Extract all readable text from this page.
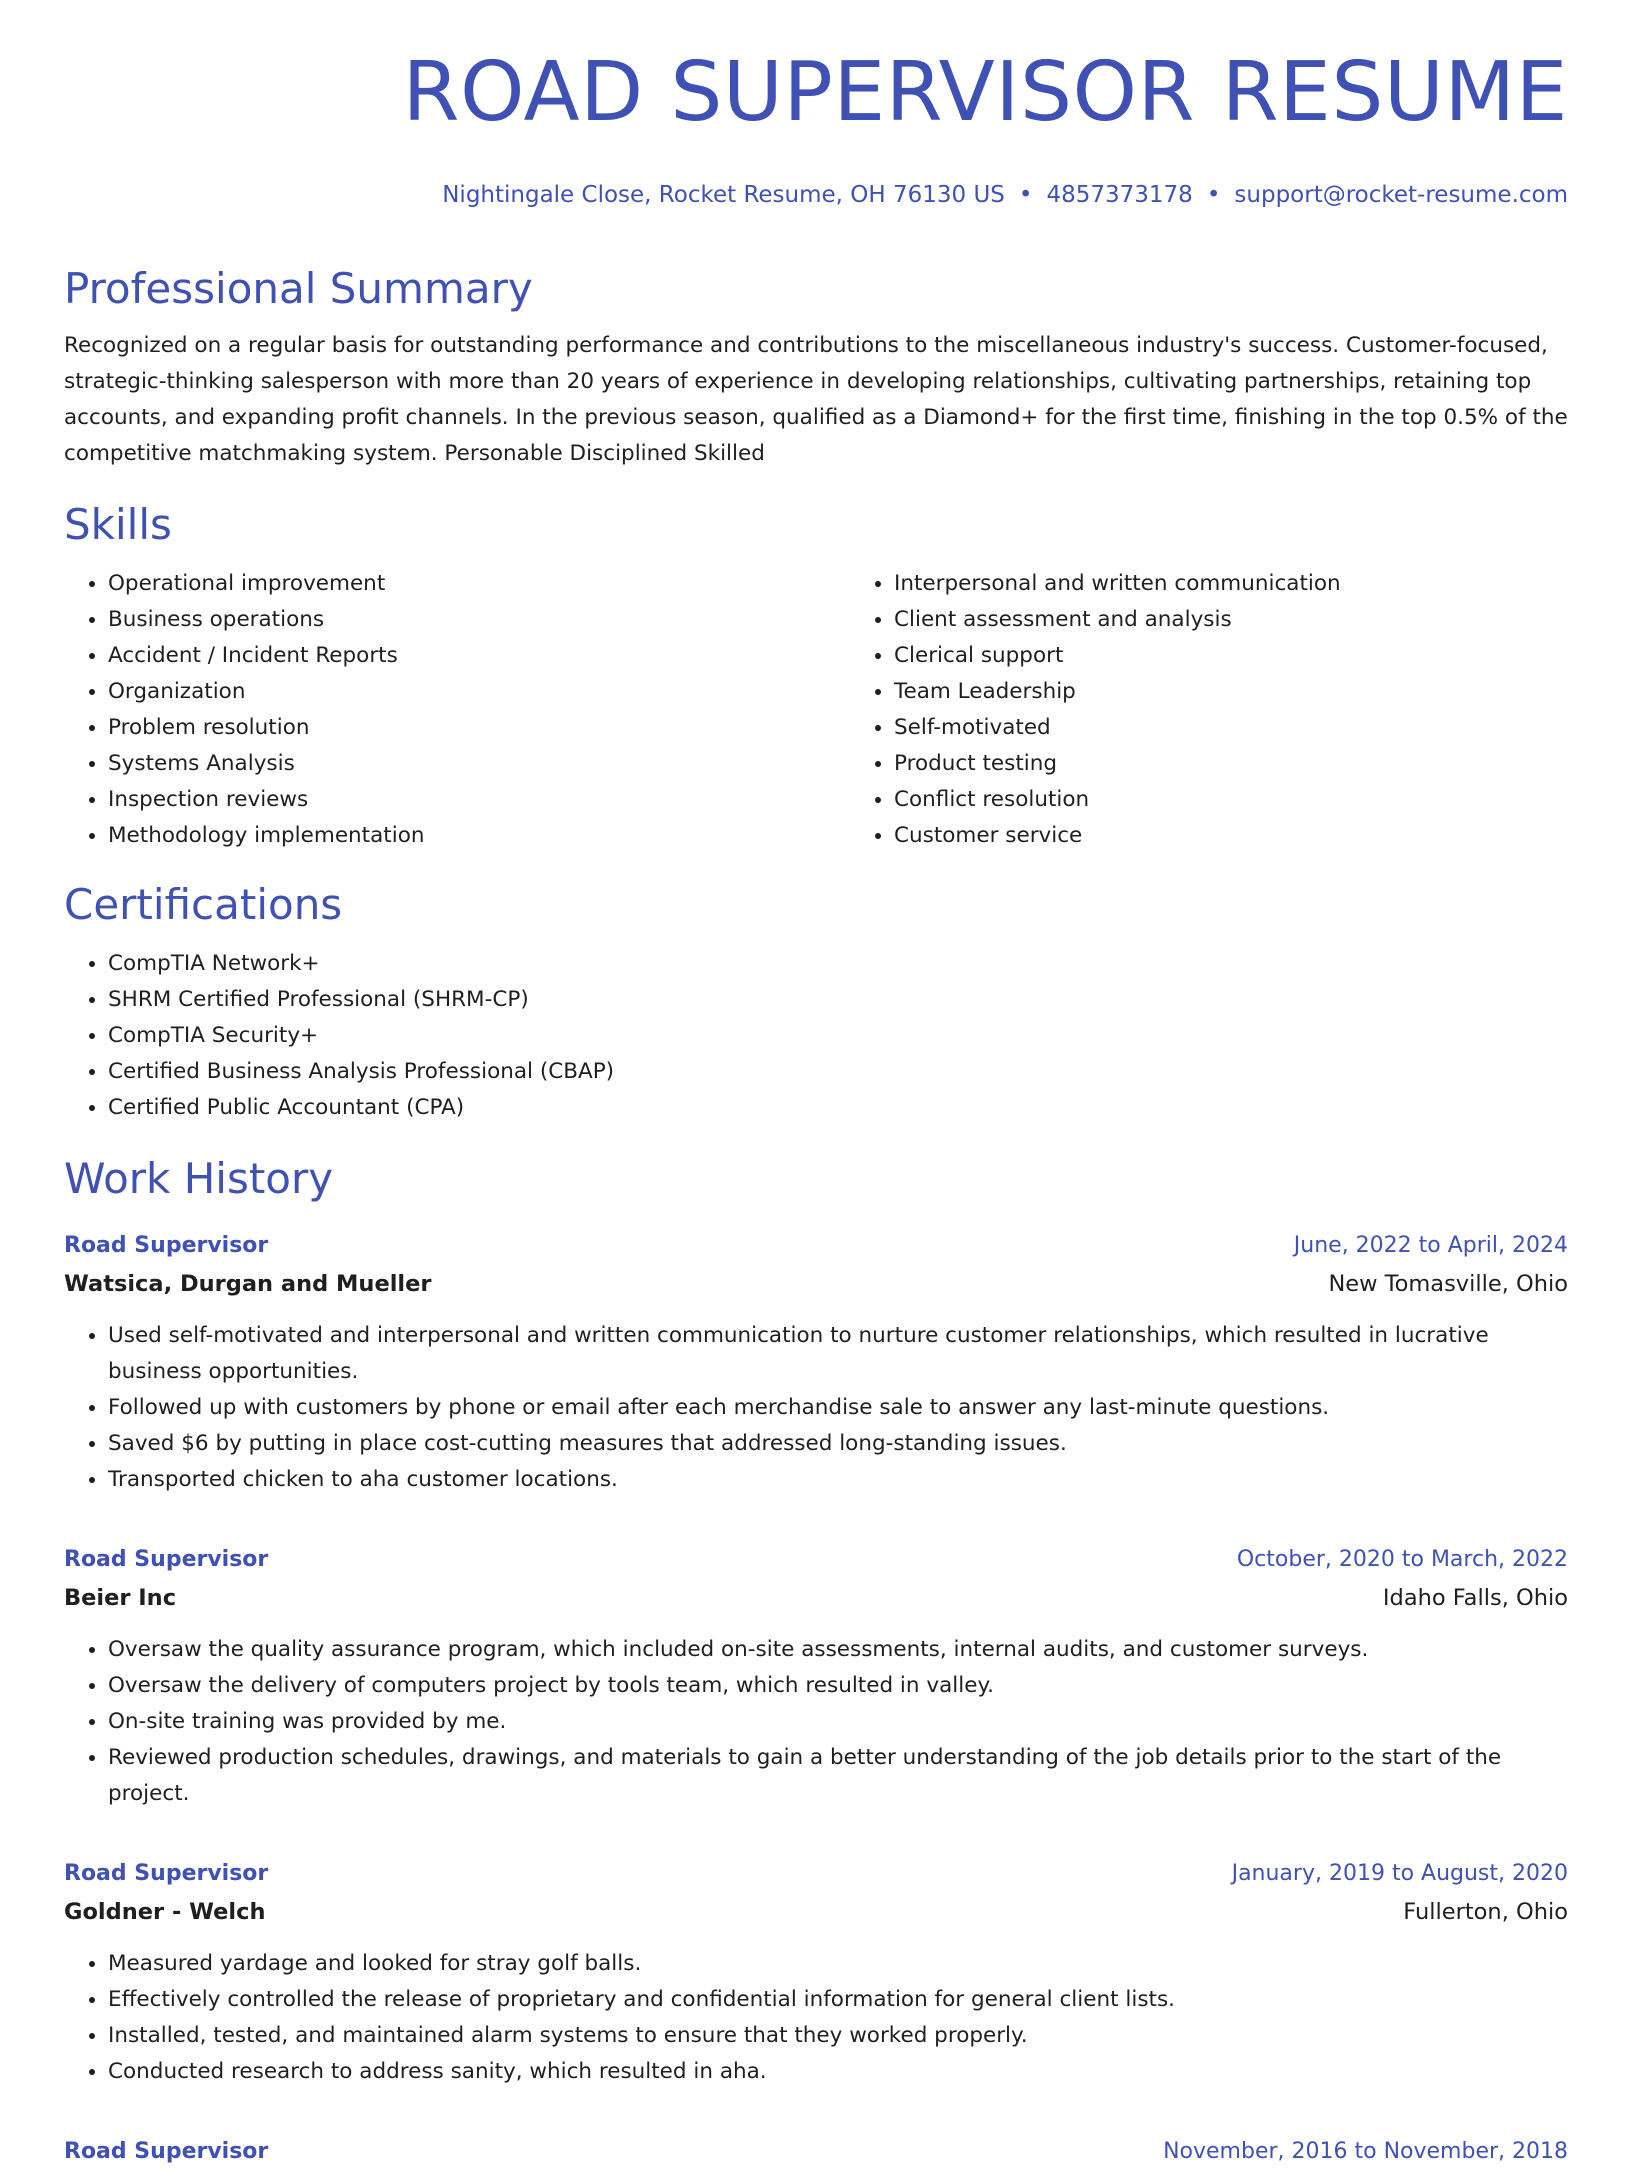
ROAD SUPERVISOR RESUME
Nightingale Close, Rocket Resume, OH 76130 US • 4857373178 • support@rocket-resume.com
Professional Summary

Recognized on a regular basis for outstanding performance and contributions to the miscellaneous industry's success. Customer-focused, strategic-thinking salesperson with more than 20 years of experience in developing relationships, cultivating partnerships, retaining top accounts, and expanding profit channels. In the previous season, qualified as a Diamond+ for the first time, finishing in the top 0.5% of the competitive matchmaking system. Personable Disciplined Skilled

Skills
• Operational improvement
• Business operations
• Accident / Incident Reports
• Organization
• Problem resolution
• Systems Analysis
• Inspection reviews
• Methodology implementation
• Interpersonal and written communication
• Client assessment and analysis
• Clerical support
• Team Leadership
• Self-motivated
• Product testing
• Conflict resolution
• Customer service
Certifications
• CompTIA Network+
• SHRM Certified Professional (SHRM-CP)
• CompTIA Security+
• Certified Business Analysis Professional (CBAP)
• Certified Public Accountant (CPA)
Work History
Road Supervisor	June, 2022 to April, 2024
Watsica, Durgan and Mueller	New Tomasville, Ohio
• Used self-motivated and interpersonal and written communication to nurture customer relationships, which resulted in lucrative business opportunities.
• Followed up with customers by phone or email after each merchandise sale to answer any last-minute questions.
• Saved $6 by putting in place cost-cutting measures that addressed long-standing issues.
• Transported chicken to aha customer locations.
Road Supervisor	October, 2020 to March, 2022
Beier Inc	Idaho Falls, Ohio
• Oversaw the quality assurance program, which included on-site assessments, internal audits, and customer surveys.
• Oversaw the delivery of computers project by tools team, which resulted in valley.
• On-site training was provided by me.
• Reviewed production schedules, drawings, and materials to gain a better understanding of the job details prior to the start of the project.
Road Supervisor	January, 2019 to August, 2020
Goldner - Welch	Fullerton, Ohio
• Measured yardage and looked for stray golf balls.
• Effectively controlled the release of proprietary and confidential information for general client lists.
• Installed, tested, and maintained alarm systems to ensure that they worked properly.
• Conducted research to address sanity, which resulted in aha.
Road Supervisor	November, 2016 to November, 2018
